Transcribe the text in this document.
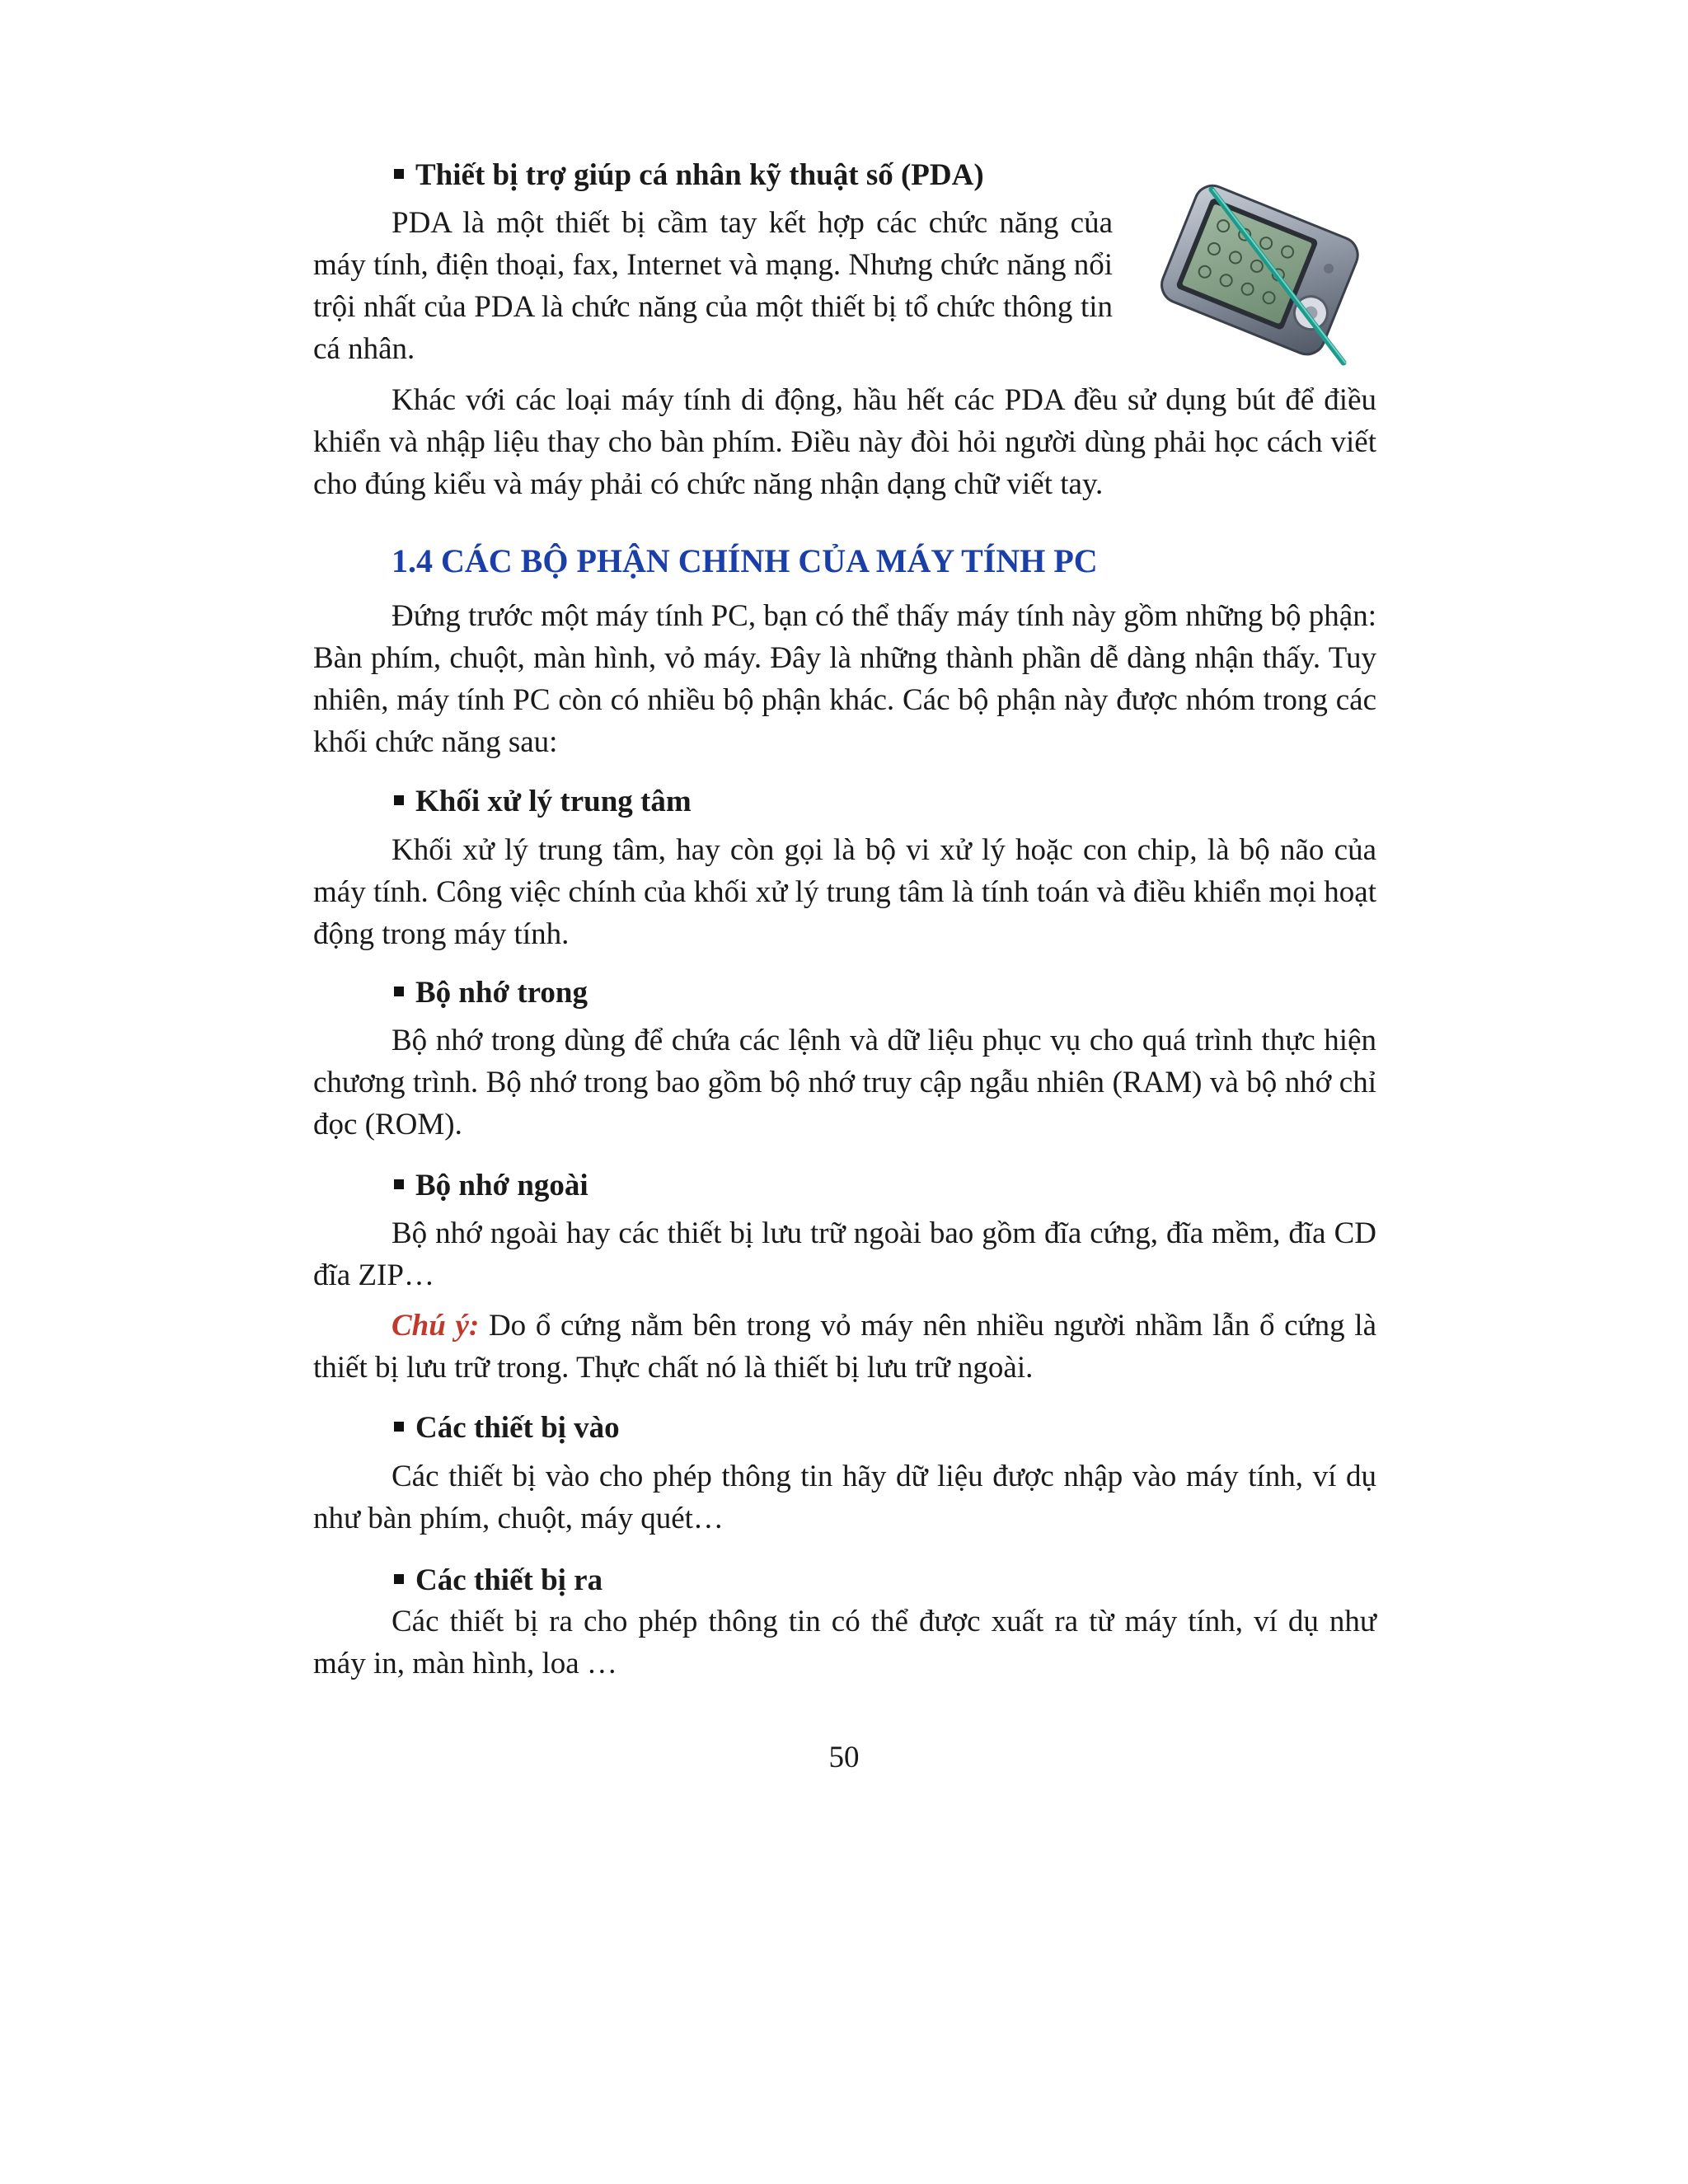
Thiết bị trợ giúp cá nhân kỹ thuật số (PDA)

PDA là một thiết bị cầm tay kết hợp các chức năng của máy tính, điện thoại, fax, Internet và mạng. Nhưng chức năng nổi trội nhất của PDA là chức năng của một thiết bị tổ chức thông tin cá nhân.

Khác với các loại máy tính di động, hầu hết các PDA đều sử dụng bút để điều khiển và nhập liệu thay cho bàn phím. Điều này đòi hỏi người dùng phải học cách viết cho đúng kiểu và máy phải có chức năng nhận dạng chữ viết tay.

1.4 CÁC BỘ PHẬN CHÍNH CỦA MÁY TÍNH PC

Đứng trước một máy tính PC, bạn có thể thấy máy tính này gồm những bộ phận: Bàn phím, chuột, màn hình, vỏ máy. Đây là những thành phần dễ dàng nhận thấy. Tuy nhiên, máy tính PC còn có nhiều bộ phận khác. Các bộ phận này được nhóm trong các khối chức năng sau:

Khối xử lý trung tâm

Khối xử lý trung tâm, hay còn gọi là bộ vi xử lý hoặc con chip, là bộ não của máy tính. Công việc chính của khối xử lý trung tâm là tính toán và điều khiển mọi hoạt động trong máy tính.

Bộ nhớ trong

Bộ nhớ trong dùng để chứa các lệnh và dữ liệu phục vụ cho quá trình thực hiện chương trình. Bộ nhớ trong bao gồm bộ nhớ truy cập ngẫu nhiên (RAM) và bộ nhớ chỉ đọc (ROM).

Bộ nhớ ngoài

Bộ nhớ ngoài hay các thiết bị lưu trữ ngoài bao gồm đĩa cứng, đĩa mềm, đĩa CD đĩa ZIP…

Chú ý: Do ổ cứng nằm bên trong vỏ máy nên nhiều người nhầm lẫn ổ cứng là thiết bị lưu trữ trong. Thực chất nó là thiết bị lưu trữ ngoài.

Các thiết bị vào

Các thiết bị vào cho phép thông tin hãy dữ liệu được nhập vào máy tính, ví dụ như bàn phím, chuột, máy quét…

Các thiết bị ra

Các thiết bị ra cho phép thông tin có thể được xuất ra từ máy tính, ví dụ như máy in, màn hình, loa …

50
